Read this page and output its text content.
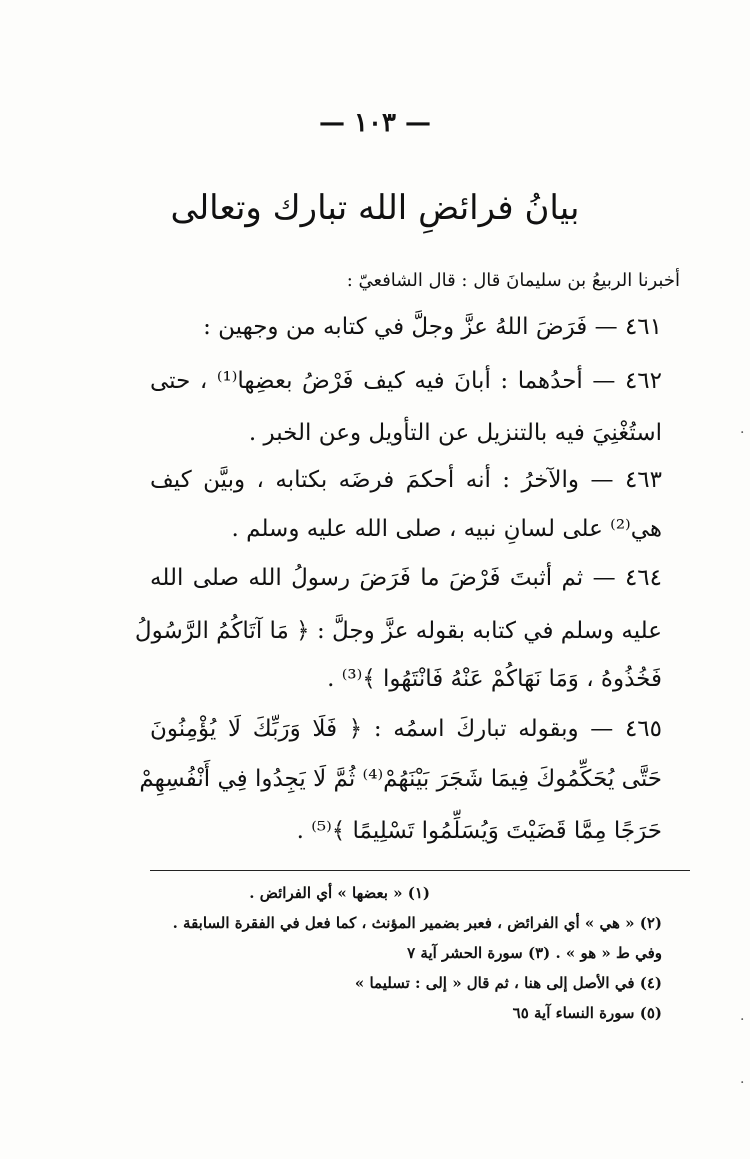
— ١٠٣ —
بيانُ فرائضِ الله تبارك وتعالى
أخبرنا الربيعُ بن سليمانَ قال : قال الشافعيّ :
٤٦١ — فَرَضَ اللهُ عزَّ وجلَّ في كتابه من وجهين :
٤٦٢ — أحدُهما : أبانَ فيه كيف فَرْضُ بعضِها⁽¹⁾ ، حتى
استُغْنِيَ فيه بالتنزيل عن التأويل وعن الخبر .
٤٦٣ — والآخرُ : أنه أحكمَ فرضَه بكتابه ، وبيَّن كيف
هي⁽²⁾ على لسانِ نبيه ، صلى الله عليه وسلم .
٤٦٤ — ثم أثبتَ فَرْضَ ما فَرَضَ رسولُ الله صلى الله
عليه وسلم في كتابه بقوله عزَّ وجلَّ : ﴿ مَا آتَاكُمُ الرَّسُولُ
فَخُذُوهُ ، وَمَا نَهَاكُمْ عَنْهُ فَانْتَهُوا ﴾⁽³⁾ .
٤٦٥ — وبقوله تباركَ اسمُه : ﴿ فَلَا وَرَبِّكَ لَا يُؤْمِنُونَ
حَتَّى يُحَكِّمُوكَ فِيمَا شَجَرَ بَيْنَهُمْ⁽⁴⁾ ثُمَّ لَا يَجِدُوا فِي أَنْفُسِهِمْ
حَرَجًا مِمَّا قَضَيْتَ وَيُسَلِّمُوا تَسْلِيمًا ﴾⁽⁵⁾ .
(١) « بعضها » أي الفرائض .
(٢) « هي » أي الفرائض ، فعبر بضمير المؤنث ، كما فعل في الفقرة السابقة .
وفي ط « هو » . (٣) سورة الحشر آية ٧
(٤) في الأصل إلى هنا ، ثم قال « إلى : تسليما »
(٥) سورة النساء آية ٦٥
·
·
·
